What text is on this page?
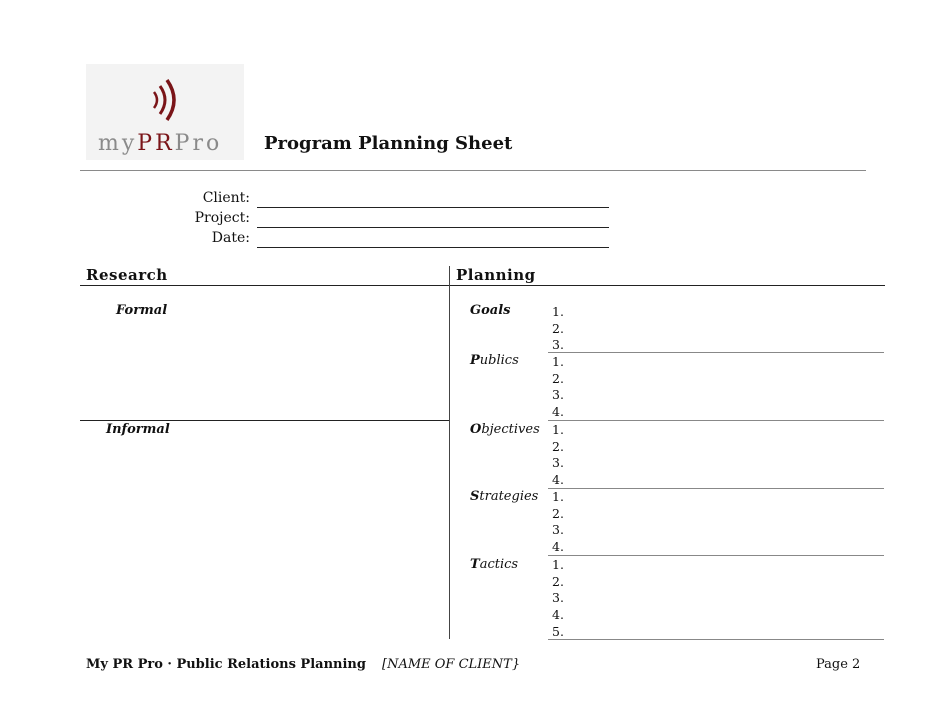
myPRPro Program Planning Sheet
Client:
Project:
Date:
Research	Planning
Formal
Informal
Goals	1.
2.
3.
Publics	1.
2.
3.
4.
Objectives 1.
2.
3.
4.
Strategies 1.
2.
3.
4.
Tactics	1.
2.
3.
4.
5.
My PR Pro · Public Relations Planning [NAME OF CLIENT}	Page 2
